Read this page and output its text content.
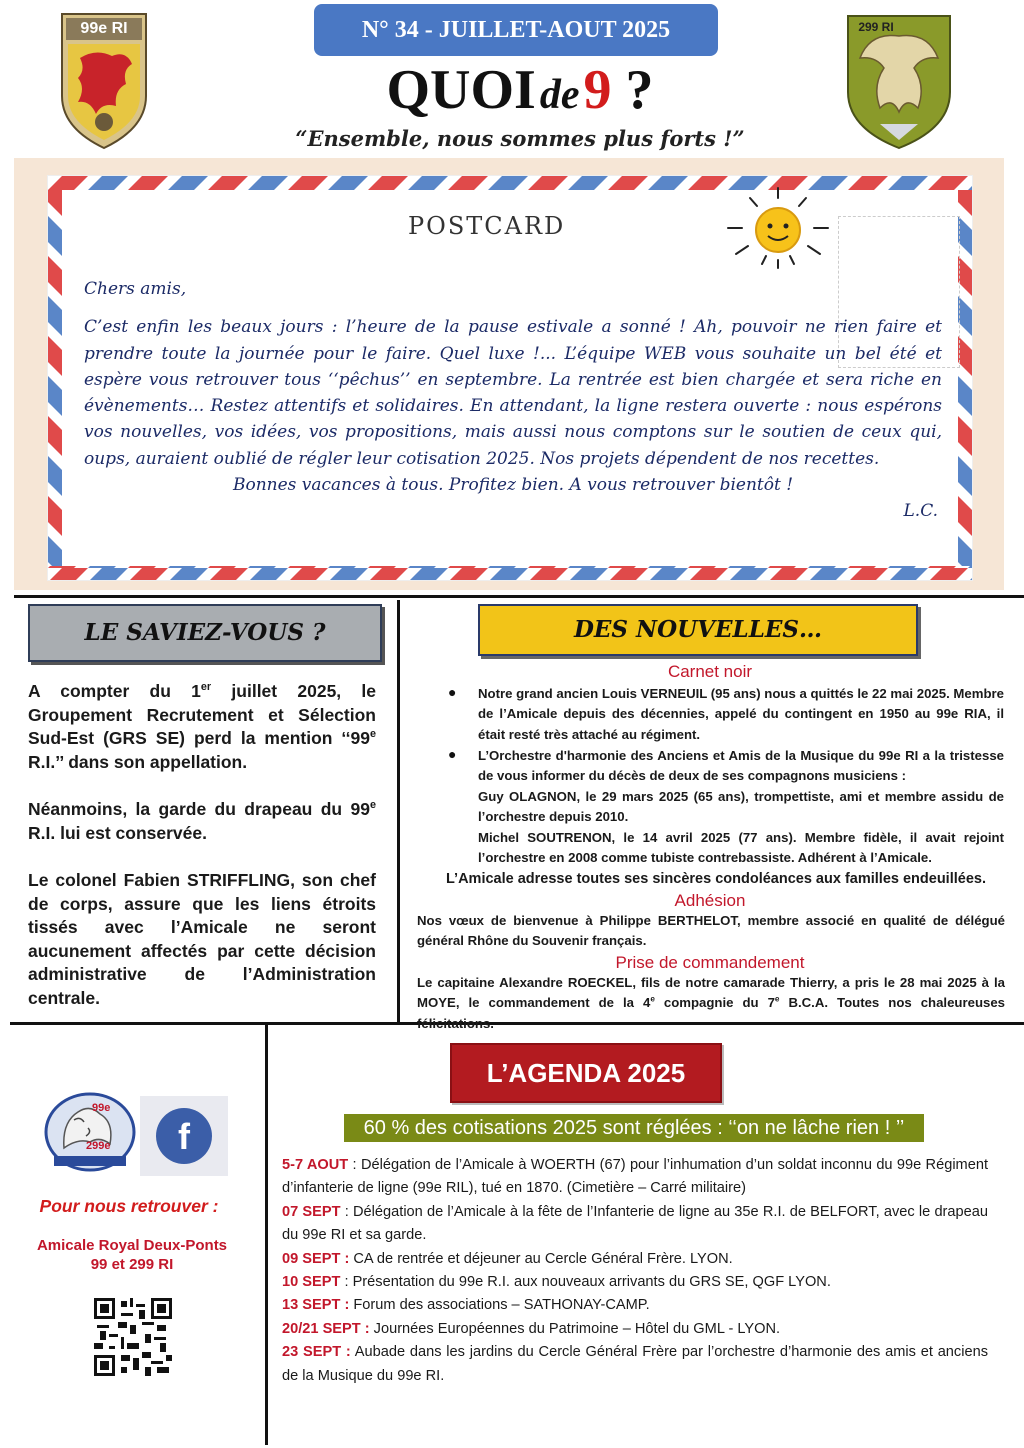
99e RI	299 RI
N° 34 - JUILLET-AOUT 2025
QUOI de 9 ?
“Ensemble, nous sommes plus forts !”
POSTCARD

Chers amis,

C’est enfin les beaux jours : l’heure de la pause estivale a sonné ! Ah, pouvoir ne rien faire et prendre toute la journée pour le faire. Quel luxe !... L’équipe WEB vous souhaite un bel été et espère vous retrouver tous ‘‘pêchus’’ en septembre. La rentrée est bien chargée et sera riche en évènements… Restez attentifs et solidaires. En attendant, la ligne restera ouverte : nous espérons vos nouvelles, vos idées, vos propositions, mais aussi nous comptons sur le soutien de ceux qui, oups, auraient oublié de régler leur cotisation 2025. Nos projets dépendent de nos recettes.

Bonnes vacances à tous. Profitez bien. A vous retrouver bientôt !

L.C.

LE SAVIEZ-VOUS ?

A compter du 1er juillet 2025, le Groupement Recrutement et Sélection Sud-Est (GRS SE) perd la mention ‘‘99e R.I.’’ dans son appellation.

Néanmoins, la garde du drapeau du 99e R.I. lui est conservée.

Le colonel Fabien STRIFFLING, son chef de corps, assure que les liens étroits tissés avec l’Amicale ne seront aucunement affectés par cette décision administrative de l’Administration centrale.

DES NOUVELLES…
Carnet noir
● Notre grand ancien Louis VERNEUIL (95 ans) nous a quittés le 22 mai 2025. Membre de l’Amicale depuis des décennies, appelé du contingent en 1950 au 99e RIA, il était resté très attaché au régiment.
● L’Orchestre d'harmonie des Anciens et Amis de la Musique du 99e RI a la tristesse de vous informer du décès de deux de ses compagnons musiciens :
Guy OLAGNON, le 29 mars 2025 (65 ans), trompettiste, ami et membre assidu de l’orchestre depuis 2010.
Michel SOUTRENON, le 14 avril 2025 (77 ans). Membre fidèle, il avait rejoint l’orchestre en 2008 comme tubiste contrebassiste. Adhérent à l’Amicale.
L’Amicale adresse toutes ses sincères condoléances aux familles endeuillées.
Adhésion
Nos vœux de bienvenue à Philippe BERTHELOT, membre associé en qualité de délégué général Rhône du Souvenir français.
Prise de commandement
Le capitaine Alexandre ROECKEL, fils de notre camarade Thierry, a pris le 28 mai 2025 à la MOYE, le commandement de la 4e compagnie du 7e B.C.A. Toutes nos chaleureuses félicitations.
99e
299e	f
Pour nous retrouver :
Amicale Royal Deux-Ponts
99 et 299 RI
L’AGENDA 2025
60 % des cotisations 2025 sont réglées : ‘‘on ne lâche rien ! ’’

5-7 AOUT : Délégation de l’Amicale à WOERTH (67) pour l’inhumation d’un soldat inconnu du 99e Régiment d’infanterie de ligne (99e RIL), tué en 1870. (Cimetière – Carré militaire)

07 SEPT : Délégation de l’Amicale à la fête de l’Infanterie de ligne au 35e R.I. de BELFORT, avec le drapeau du 99e RI et sa garde.

09 SEPT : CA de rentrée et déjeuner au Cercle Général Frère. LYON.

10 SEPT : Présentation du 99e R.I. aux nouveaux arrivants du GRS SE, QGF LYON.

13 SEPT : Forum des associations – SATHONAY-CAMP.

20/21 SEPT : Journées Européennes du Patrimoine – Hôtel du GML - LYON.

23 SEPT : Aubade dans les jardins du Cercle Général Frère par l’orchestre d’harmonie des amis et anciens de la Musique du 99e RI.
